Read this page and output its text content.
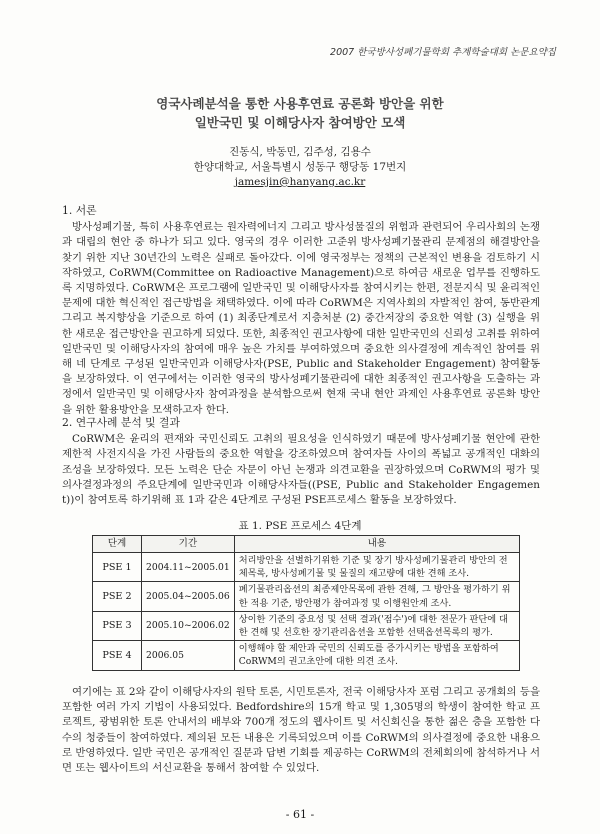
2007 한국방사성폐기물학회 추계학술대회 논문요약집
영국사례분석을 통한 사용후연료 공론화 방안을 위한
일반국민 및 이해당사자 참여방안 모색
진동식, 박동민, 김주성, 김용수
한양대학교, 서울특별시 성동구 행당동 17번지
jamesjin@hanyang.ac.kr
1. 서론

방사성폐기물, 특히 사용후연료는 원자력에너지 그리고 방사성물질의 위험과 관련되어 우리사회의 논쟁과 대립의 현안 중 하나가 되고 있다. 영국의 경우 이러한 고준위 방사성폐기물관리 문제점의 해결방안을 찾기 위한 지난 30년간의 노력은 실패로 돌아갔다. 이에 영국정부는 정책의 근본적인 변용을 검토하기 시작하였고, CoRWM(Committee on Radioactive Management)으로 하여금 새로운 업무를 진행하도록 지명하였다. CoRWM은 프로그램에 일반국민 및 이해당사자를 참여시키는 한편, 전문지식 및 윤리적인 문제에 대한 혁신적인 접근방법을 채택하였다. 이에 따라 CoRWM은 지역사회의 자발적인 참여, 동반관계 그리고 복지향상을 기준으로 하여 (1) 최종단계로서 지층처분 (2) 중간저장의 중요한 역할 (3) 실행을 위한 새로운 접근방안을 권고하게 되었다. 또한, 최종적인 권고사항에 대한 일반국민의 신뢰성 고취를 위하여 일반국민 및 이해당사자의 참여에 매우 높은 가치를 부여하였으며 중요한 의사결정에 계속적인 참여를 위해 네 단계로 구성된 일반국민과 이해당사자(PSE, Public and Stakeholder Engagement) 참여활동을 보장하였다. 이 연구에서는 이러한 영국의 방사성폐기물관리에 대한 최종적인 권고사항을 도출하는 과정에서 일반국민 및 이해당사자 참여과정을 분석함으로써 현재 국내 현안 과제인 사용후연료 공론화 방안을 위한 활용방안을 모색하고자 한다.

2. 연구사례 분석 및 결과

CoRWM은 윤리의 편재와 국민신뢰도 고취의 필요성을 인식하였기 때문에 방사성폐기물 현안에 관한 제한적 사전지식을 가진 사람들의 중요한 역할을 강조하였으며 참여자들 사이의 폭넓고 공개적인 대화의 조성을 보장하였다. 모든 노력은 단순 자문이 아닌 논쟁과 의견교환을 권장하였으며 CoRWM의 평가 및 의사결정과정의 주요단계에 일반국민과 이해당사자들((PSE, Public and Stakeholder Engagement))이 참여토록 하기위해 표 1과 같은 4단계로 구성된 PSE프로세스 활동을 보장하였다.

표 1. PSE 프로세스 4단계
단계	기간	내용
PSE 1	2004.11~2005.01	처리방안을 선별하기위한 기준 및 장기 방사성폐기물관리 방안의 전체목록, 방사성폐기물 및 물질의 재고량에 대한 견해 조사.
PSE 2	2005.04~2005.06	폐기물관리옵션의 최종제안목록에 관한 견해, 그 방안을 평가하기 위한 적용 기준, 방안평가 참여과정 및 이행원안계 조사.
PSE 3	2005.10~2006.02	상이한 기준의 중요성 및 선택 결과('점수')에 대한 전문가 판단에 대한 견해 및 선호한 장기관리옵션을 포함한 선택옵션목록의 평가.
PSE 4	2006.05	이행해야 할 제안과 국민의 신뢰도를 증가시키는 방법을 포함하여 CoRWM의 권고초안에 대한 의견 조사.

여기에는 표 2와 같이 이해당사자의 원탁 토론, 시민토론자, 전국 이해당사자 포럼 그리고 공개회의 등을 포함한 여러 가지 기법이 사용되었다. Bedfordshire의 15개 학교 및 1,305명의 학생이 참여한 학교 프로젝트, 광범위한 토론 안내서의 배부와 700개 정도의 웹사이트 및 서신회신을 통한 젊은 층을 포함한 다수의 청중들이 참여하였다. 제의된 모든 내용은 기록되었으며 이를 CoRWM의 의사결정에 중요한 내용으로 반영하였다. 일반 국민은 공개적인 질문과 답변 기회를 제공하는 CoRWM의 전체회의에 참석하거나 서면 또는 웹사이트의 서신교환을 통해서 참여할 수 있었다.

- 61 -
